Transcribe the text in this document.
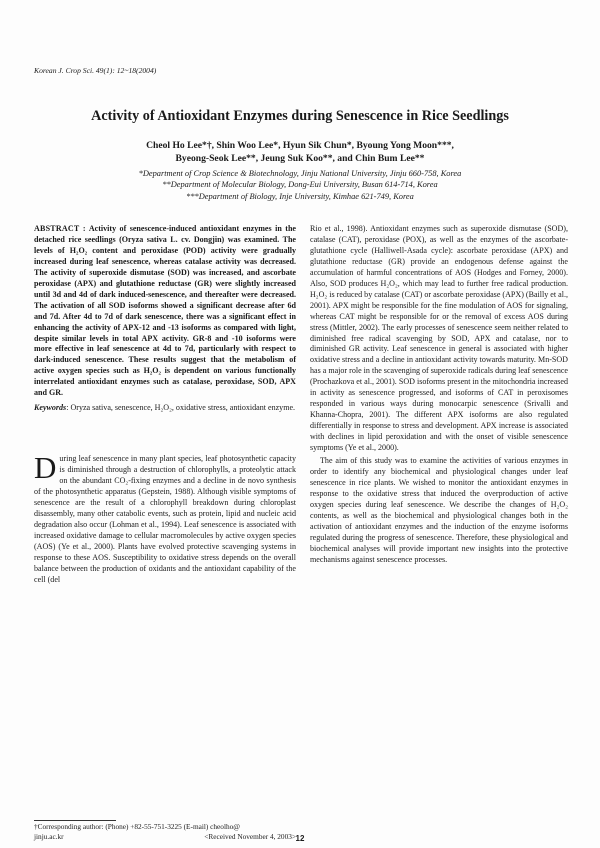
Korean J. Crop Sci. 49(1): 12~18(2004)
Activity of Antioxidant Enzymes during Senescence in Rice Seedlings
Cheol Ho Lee*†, Shin Woo Lee*, Hyun Sik Chun*, Byoung Yong Moon***,
Byeong-Seok Lee**, Jeung Suk Koo**, and Chin Bum Lee**
*Department of Crop Science & Biotechnology, Jinju National University, Jinju 660-758, Korea
**Department of Molecular Biology, Dong-Eui University, Busan 614-714, Korea
***Department of Biology, Inje University, Kimhae 621-749, Korea

ABSTRACT : Activity of senescence-induced antioxidant enzymes in the detached rice seedlings (Oryza sativa L. cv. Dongjin) was examined. The levels of H₂O₂ content and peroxidase (POD) activity were gradually increased during leaf senescence, whereas catalase activity was decreased. The activity of superoxide dismutase (SOD) was increased, and ascorbate peroxidase (APX) and glutathione reductase (GR) were slightly increased until 3d and 4d of dark induced-senescence, and thereafter were decreased. The activation of all SOD isoforms showed a significant decrease after 6d and 7d. After 4d to 7d of dark senescence, there was a significant effect in enhancing the activity of APX-12 and -13 isoforms as compared with light, despite similar levels in total APX activity. GR-8 and -10 isoforms were more effective in leaf senescence at 4d to 7d, particularly with respect to dark-induced senescence. These results suggest that the metabolism of active oxygen species such as H₂O₂ is dependent on various functionally interrelated antioxidant enzymes such as catalase, peroxidase, SOD, APX and GR.

Keywords: Oryza sativa, senescence, H₂O₂, oxidative stress, antioxidant enzyme.

During leaf senescence in many plant species, leaf photosynthetic capacity is diminished through a destruction of chlorophylls, a proteolytic attack on the abundant CO₂-fixing enzymes and a decline in de novo synthesis of the photosynthetic apparatus (Gepstein, 1988). Although visible symptoms of senescence are the result of a chlorophyll breakdown during chloroplast disassembly, many other catabolic events, such as protein, lipid and nucleic acid degradation also occur (Lohman et al., 1994). Leaf senescence is associated with increased oxidative damage to cellular macromolecules by active oxygen species (AOS) (Ye et al., 2000). Plants have evolved protective scavenging systems in response to these AOS. Susceptibility to oxidative stress depends on the overall balance between the production of oxidants and the antioxidant capability of the cell (del

Rio et al., 1998). Antioxidant enzymes such as superoxide dismutase (SOD), catalase (CAT), peroxidase (POX), as well as the enzymes of the ascorbate-glutathione cycle (Halliwell-Asada cycle): ascorbate peroxidase (APX) and glutathione reductase (GR) provide an endogenous defense against the accumulation of harmful concentrations of AOS (Hodges and Forney, 2000). Also, SOD produces H₂O₂, which may lead to further free radical production. H₂O₂ is reduced by catalase (CAT) or ascorbate peroxidase (APX) (Bailly et al., 2001). APX might be responsible for the fine modulation of AOS for signaling, whereas CAT might be responsible for or the removal of excess AOS during stress (Mittler, 2002). The early processes of senescence seem neither related to diminished free radical scavenging by SOD, APX and catalase, nor to diminished GR activity. Leaf senescence in general is associated with higher oxidative stress and a decline in antioxidant activity towards maturity. Mn-SOD has a major role in the scavenging of superoxide radicals during leaf senescence (Prochazkova et al., 2001). SOD isoforms present in the mitochondria increased in activity as senescence progressed, and isoforms of CAT in peroxisomes responded in various ways during monocarpic senescence (Srivalli and Khanna-Chopra, 2001). The different APX isoforms are also regulated differentially in response to stress and development. APX increase is associated with declines in lipid peroxidation and with the onset of visible senescence symptoms (Ye et al., 2000).

The aim of this study was to examine the activities of various enzymes in order to identify any biochemical and physiological changes under leaf senescence in rice plants. We wished to monitor the antioxidant enzymes in response to the oxidative stress that induced the overproduction of active oxygen species during leaf senescence. We describe the changes of H₂O₂ contents, as well as the biochemical and physiological changes both in the activation of antioxidant enzymes and the induction of the enzyme isoforms regulated during the progress of senescence. Therefore, these physiological and biochemical analyses will provide important new insights into the protective mechanisms against senescence processes.

†Corresponding author: (Phone) +82-55-751-3225 (E-mail) cheolho@
jinju.ac.kr	<Received November 4, 2003> 12
